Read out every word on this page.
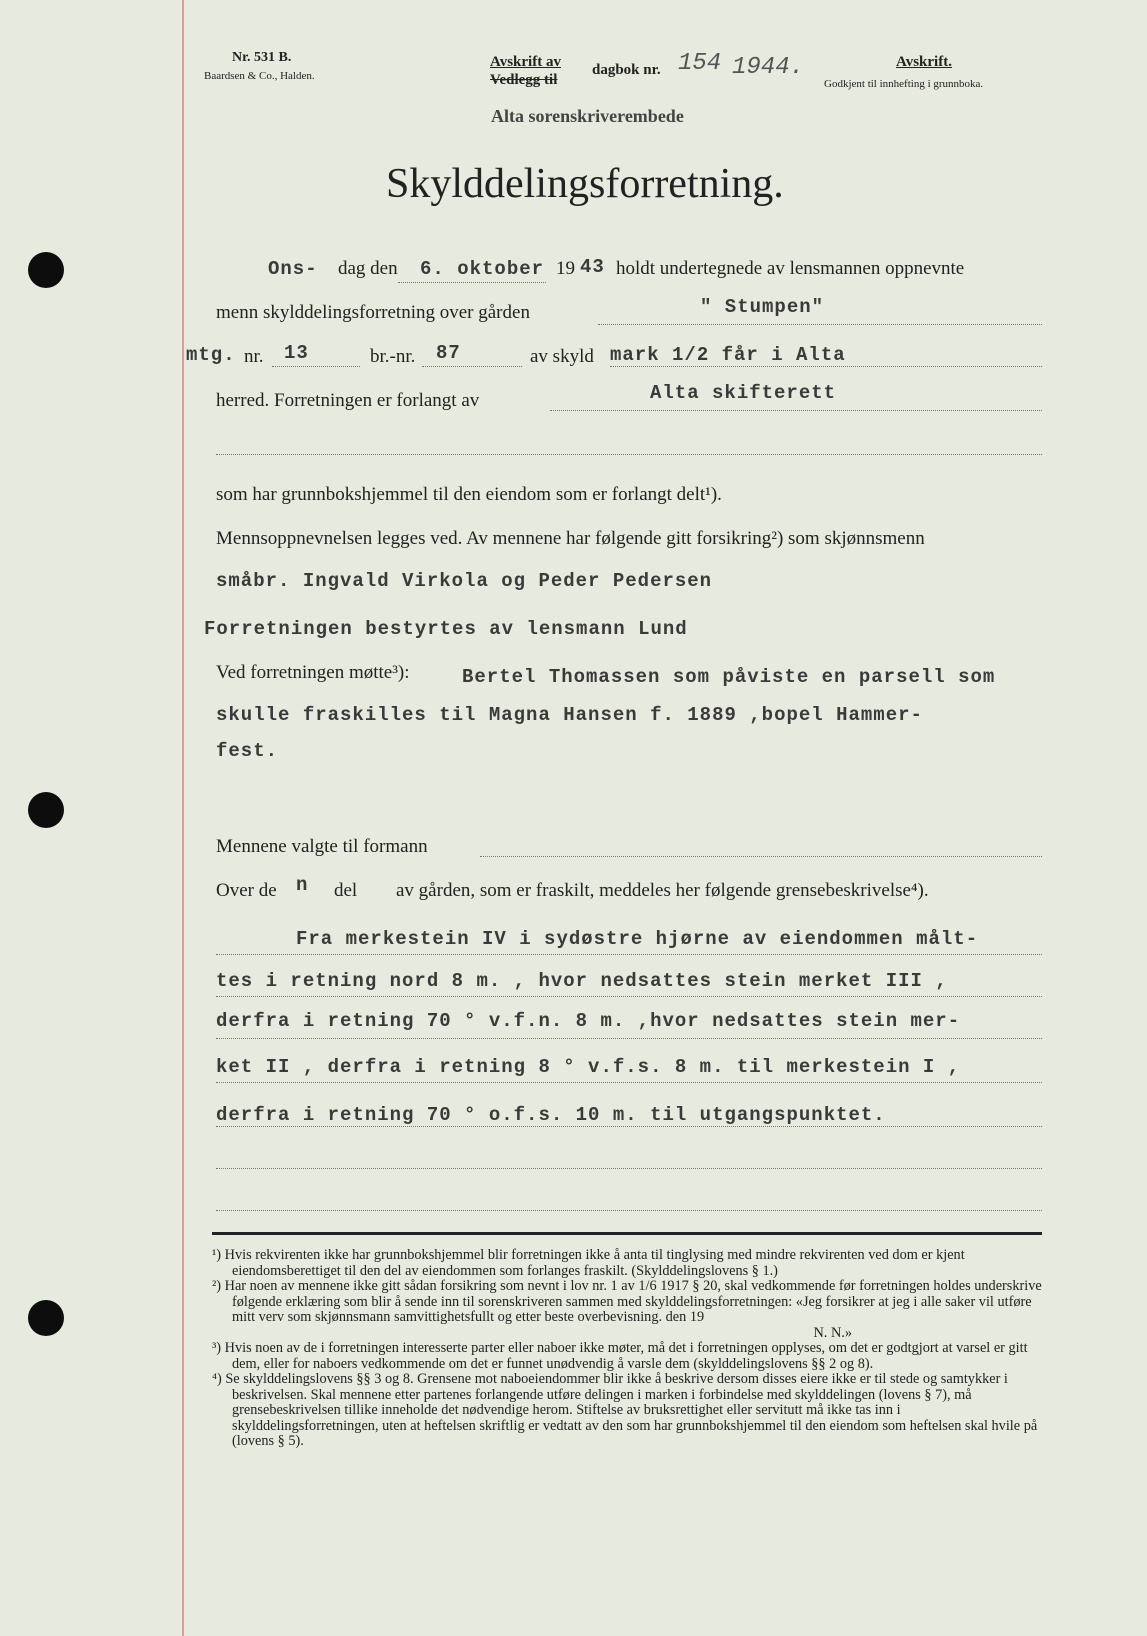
Nr. 531 B.
Baardsen & Co., Halden.
Avskrift av
Vedlegg til
dagbok nr. 154 1944.
Alta sorenskriverembede
Avskrift.
Godkjent til innhefting i grunnboka.
Skylddelingsforretning.
Ons- dag den 6. oktober 19 43 holdt undertegnede av lensmannen oppnevnte
menn skylddelingsforretning over gården	" Stumpen"
mtg. nr. 13	br.-nr. 87	av skyld mark 1/2 får i Alta
herred. Forretningen er forlangt av	Alta skifterett
som har grunnbokshjemmel til den eiendom som er forlangt delt¹).
Mennsoppnevnelsen legges ved. Av mennene har følgende gitt forsikring²) som skjønnsmenn
småbr. Ingvald Virkola og Peder Pedersen
Forretningen bestyrtes av lensmann Lund
Ved forretningen møtte³):	Bertel Thomassen som påviste en parsell som
skulle fraskilles til Magna Hansen f. 1889 ,bopel Hammer-
fest.
Mennene valgte til formann
Over de n del av gården, som er fraskilt, meddeles her følgende grensebeskrivelse⁴).
Fra merkestein IV i sydøstre hjørne av eiendommen målt-
tes i retning nord 8 m. , hvor nedsattes stein merket III ,
derfra i retning 70 ° v.f.n. 8 m. ,hvor nedsattes stein mer-
ket II , derfra i retning 8 ° v.f.s. 8 m. til merkestein I ,
derfra i retning 70 ° o.f.s. 10 m. til utgangspunktet.
¹) Hvis rekvirenten ikke har grunnbokshjemmel blir forretningen ikke å anta til tinglysing med mindre rekvirenten ved dom er kjent eiendomsberettiget til den del av eiendommen som forlanges fraskilt. (Skylddelingslovens § 1.)
²) Har noen av mennene ikke gitt sådan forsikring som nevnt i lov nr. 1 av 1/6 1917 § 20, skal vedkommende før forretningen holdes underskrive følgende erklæring som blir å sende inn til sorenskriveren sammen med skylddelingsforretningen: «Jeg forsikrer at jeg i alle saker vil utføre mitt verv som skjønnsmann samvittighetsfullt og etter beste overbevisning. den 19
N. N.»
³) Hvis noen av de i forretningen interesserte parter eller naboer ikke møter, må det i forretningen opplyses, om det er godtgjort at varsel er gitt dem, eller for naboers vedkommende om det er funnet unødvendig å varsle dem (skylddelingslovens §§ 2 og 8).
⁴) Se skylddelingslovens §§ 3 og 8. Grensene mot naboeiendommer blir ikke å beskrive dersom disses eiere ikke er til stede og samtykker i beskrivelsen. Skal mennene etter partenes forlangende utføre delingen i marken i forbindelse med skylddelingen (lovens § 7), må grensebeskrivelsen tillike inneholde det nødvendige herom. Stiftelse av bruksrettighet eller servitutt må ikke tas inn i skylddelingsforretningen, uten at heftelsen skriftlig er vedtatt av den som har grunnbokshjemmel til den eiendom som heftelsen skal hvile på (lovens § 5).
